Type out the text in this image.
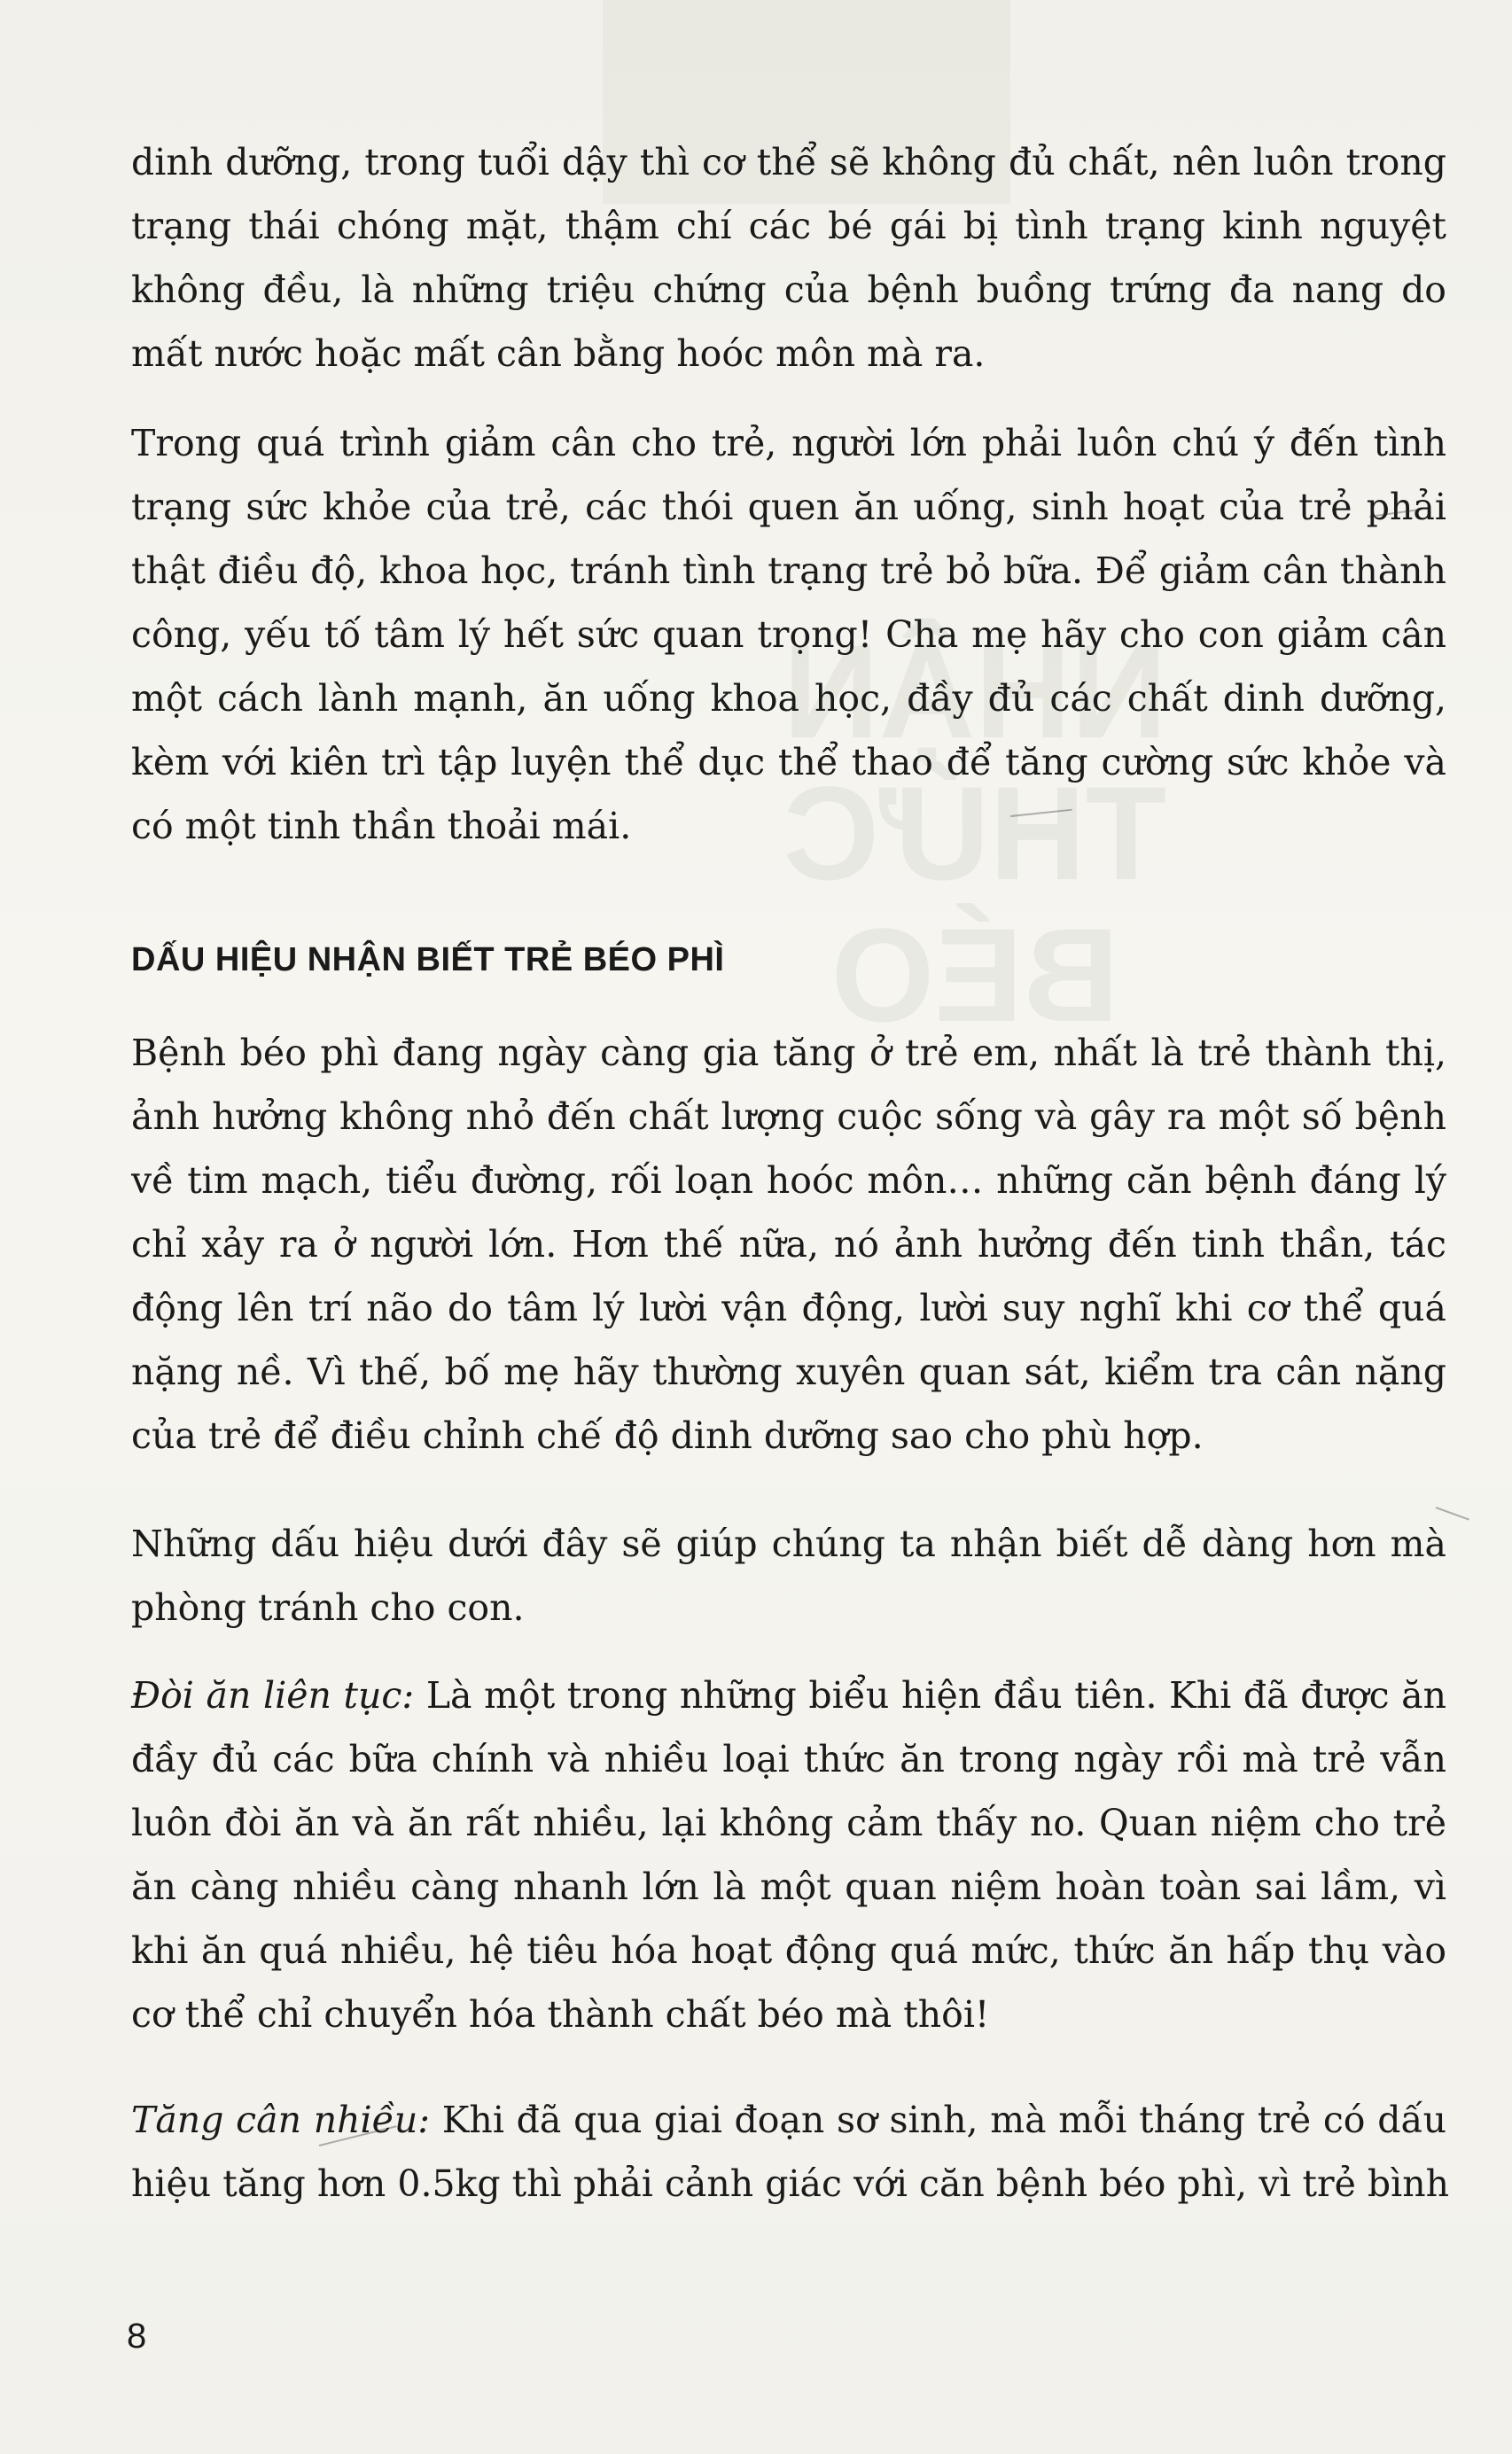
NHẬN
THỨC
BÉO
dinh dưỡng, trong tuổi dậy thì cơ thể sẽ không đủ chất, nên luôn trong
trạng thái chóng mặt, thậm chí các bé gái bị tình trạng kinh nguyệt
không đều, là những triệu chứng của bệnh buồng trứng đa nang do
mất nước hoặc mất cân bằng hoóc môn mà ra.
Trong quá trình giảm cân cho trẻ, người lớn phải luôn chú ý đến tình
trạng sức khỏe của trẻ, các thói quen ăn uống, sinh hoạt của trẻ phải
thật điều độ, khoa học, tránh tình trạng trẻ bỏ bữa. Để giảm cân thành
công, yếu tố tâm lý hết sức quan trọng! Cha mẹ hãy cho con giảm cân
một cách lành mạnh, ăn uống khoa học, đầy đủ các chất dinh dưỡng,
kèm với kiên trì tập luyện thể dục thể thao để tăng cường sức khỏe và
có một tinh thần thoải mái.
DẤU HIỆU NHẬN BIẾT TRẺ BÉO PHÌ
Bệnh béo phì đang ngày càng gia tăng ở trẻ em, nhất là trẻ thành thị,
ảnh hưởng không nhỏ đến chất lượng cuộc sống và gây ra một số bệnh
về tim mạch, tiểu đường, rối loạn hoóc môn… những căn bệnh đáng lý
chỉ xảy ra ở người lớn. Hơn thế nữa, nó ảnh hưởng đến tinh thần, tác
động lên trí não do tâm lý lười vận động, lười suy nghĩ khi cơ thể quá
nặng nề. Vì thế, bố mẹ hãy thường xuyên quan sát, kiểm tra cân nặng
của trẻ để điều chỉnh chế độ dinh dưỡng sao cho phù hợp.
Những dấu hiệu dưới đây sẽ giúp chúng ta nhận biết dễ dàng hơn mà
phòng tránh cho con.
Đòi ăn liên tục: Là một trong những biểu hiện đầu tiên. Khi đã được ăn
đầy đủ các bữa chính và nhiều loại thức ăn trong ngày rồi mà trẻ vẫn
luôn đòi ăn và ăn rất nhiều, lại không cảm thấy no. Quan niệm cho trẻ
ăn càng nhiều càng nhanh lớn là một quan niệm hoàn toàn sai lầm, vì
khi ăn quá nhiều, hệ tiêu hóa hoạt động quá mức, thức ăn hấp thụ vào
cơ thể chỉ chuyển hóa thành chất béo mà thôi!
Tăng cân nhiều: Khi đã qua giai đoạn sơ sinh, mà mỗi tháng trẻ có dấu
hiệu tăng hơn 0.5kg thì phải cảnh giác với căn bệnh béo phì, vì trẻ bình
8
